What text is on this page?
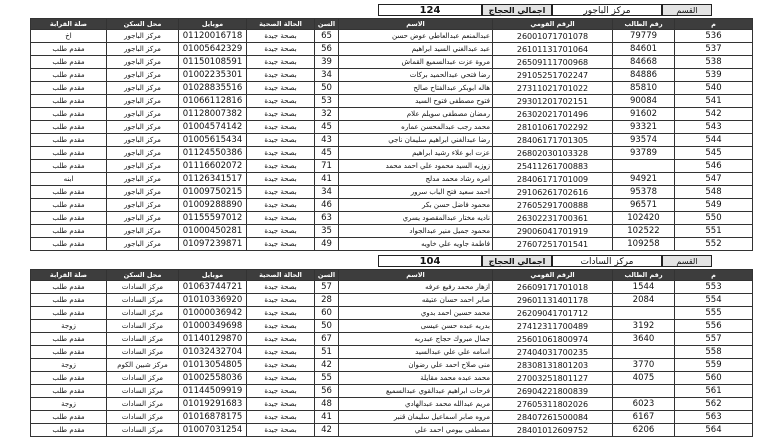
124	اجمالي الحجاج	مركز الباجور	القسم
صلة القرابة	محل السكن	موبايل	الحالة الصحية	السن	الاسم	الرقم القومي	رقم الطالب	م
اخ	مركز الباجور	01120016718	بصحة جيدة	65	عبدالمنعم عبدالعاطي عوض حسن	26001071701078	79779	536
مقدم طلب	مركز الباجور	01005642329	بصحة جيدة	56	عبد عبدالغني السيد ابراهيم	26101131701064	84601	537
مقدم طلب	مركز الباجور	01150108591	بصحة جيدة	39	مروة عزت عبدالسميع القماش	26509111700968	84668	538
مقدم طلب	مركز الباجور	01002235301	بصحة جيدة	34	رضا فتحي عبدالحميد بركات	29105251702247	84886	539
مقدم طلب	مركز الباجور	01028835516	بصحة جيدة	50	هاله ابوبكر عبدالفتاح صالح	27311021701022	85810	540
مقدم طلب	مركز الباجور	01066112816	بصحة جيدة	53	فتوح مصطفى فتوح السيد	29301201702151	90084	541
مقدم طلب	مركز الباجور	01128007382	بصحة جيدة	32	رمضان مصطفى سويلم علام	26302021701496	91602	542
مقدم طلب	مركز الباجور	01004574142	بصحة جيدة	45	محمد رجب عبدالمحسن عماره	28101061702292	93321	543
مقدم طلب	مركز الباجور	01005615434	بصحة جيدة	43	رضا عبدالغني ابراهيم سليمان ناجي	28406171701305	93574	544
مقدم طلب	مركز الباجور	01124550386	بصحة جيدة	45	عزت ابو علاء رشيد ابراهيم	26802030103328	93789	545
مقدم طلب	مركز الباجور	01116602072	بصحة جيدة	71	زوزيه السيد محمود علي احمد محمد	25411261700883		546
ابنه	مركز الباجور	01126341517	بصحة جيدة	41	امره رشاد محمد مدلج	28406171701009	94921	547
مقدم طلب	مركز الباجور	01009750215	بصحة جيدة	34	احمد سعيد فتح الباب سرور	29106261702616	95378	548
مقدم طلب	مركز الباجور	01009288890	بصحة جيدة	46	محمود فاضل حسن بكر	27605291700888	96571	549
مقدم طلب	مركز الباجور	01155597012	بصحة جيدة	63	ناديه مختار عبدالمقصود يسري	26302231700361	102420	550
مقدم طلب	مركز الباجور	01000450281	بصحة جيدة	35	محمود جميل منير عبدالجواد	29006041701919	102522	551
مقدم طلب	مركز الباجور	01097239871	بصحة جيدة	49	فاطمة جاويه علي خاويه	27607251701541	109258	552
104	اجمالي الحجاج	مركز السادات	القسم
صلة القرابة	محل السكن	موبايل	الحالة الصحية	السن	الاسم	الرقم القومي	رقم الطالب	م
مقدم طلب	مركز السادات	01063744721	بصحة جيدة	57	ازهار محمد رفيع عرفه	26609171701018	1544	553
مقدم طلب	مركز السادات	01010336920	بصحة جيدة	28	صابر احمد حسان عتيقه	29601131401178	2084	554
مقدم طلب	مركز السادات	01000036942	بصحة جيدة	60	محمد حسين احمد بدوي	26209041701712		555
زوجة	مركز السادات	01000349698	بصحة جيدة	50	بدريه عبده حسن عيسى	27412311700489	3192	556
مقدم طلب	مركز السادات	01140129870	بصحة جيدة	67	جمال مبروك حجاج عبدربه	25601061800974	3640	557
مقدم طلب	مركز السادات	01032432704	بصحة جيدة	51	اسامه علي علي عبدالسيد	27404031700235		558
زوجة	مركز شبين الكوم	01013054805	بصحة جيدة	42	منى صلاح احمد علي رضوان	28308131801203	3770	559
مقدم طلب	مركز السادات	01002558036	بصحة جيدة	55	محمد عبده محمد مقايلة	27003251801127	4075	560
مقدم طلب	مركز السادات	01144509919	بصحة جيدة	56	فرحات ابراهيم عبدالقوي عبدالسميع	26904221800839		561
زوجة	مركز السادات	01019291683	بصحة جيدة	48	مريم عبدالله محمد عبدالهادي	27605311802026	6023	562
مقدم طلب	مركز السادات	01016878175	بصحة جيدة	41	مروه صابر اسماعيل سليمان قنبر	28407261500084	6167	563
مقدم طلب	مركز السادات	01007031254	بصحة جيدة	42	مصطفى بيومي احمد علي	28401012609752	6206	564
